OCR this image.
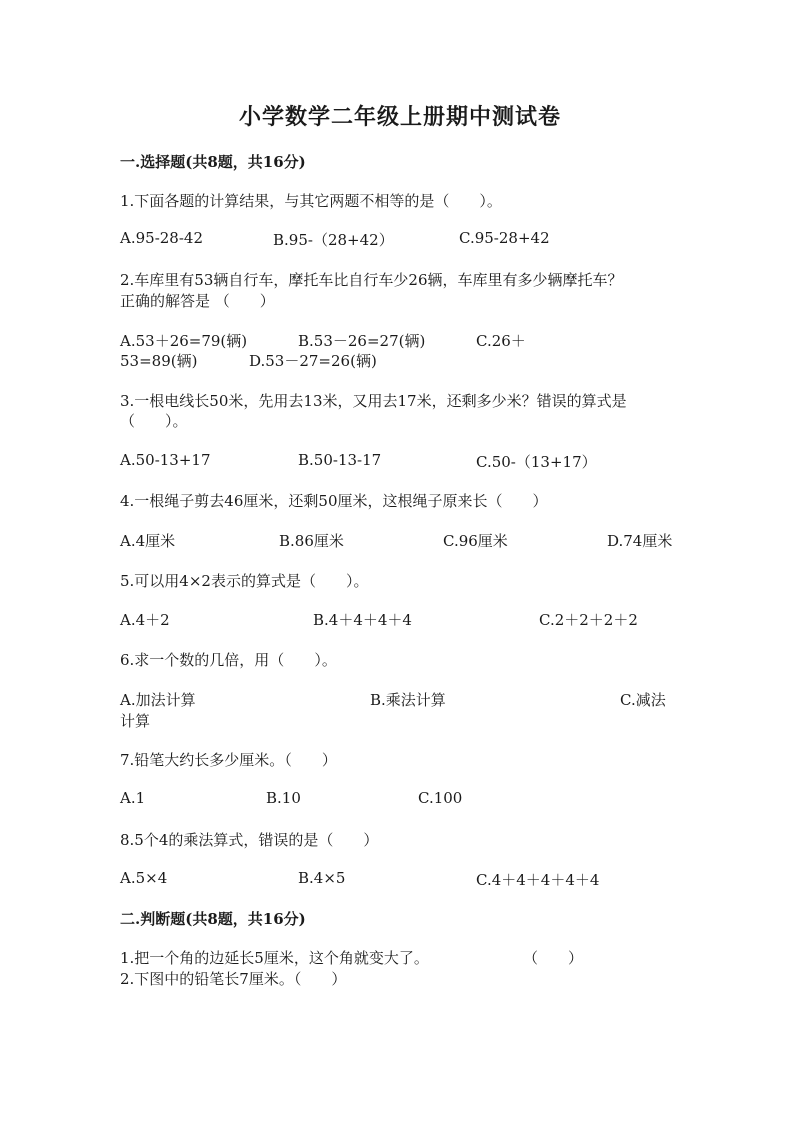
小学数学二年级上册期中测试卷
一.选择题(共8题，共16分)
1.下面各题的计算结果，与其它两题不相等的是（　　）。
A.95-28-42	B.95-（28+42）	C.95-28+42
2.车库里有53辆自行车，摩托车比自行车少26辆，车库里有多少辆摩托车？
正确的解答是 （　　）
A.53＋26=79(辆)	B.53－26=27(辆)	C.26＋
53=89(辆)	D.53－27=26(辆)
3.一根电线长50米，先用去13米，又用去17米，还剩多少米？错误的算式是
（　　）。
A.50-13+17	B.50-13-17	C.50-（13+17）
4.一根绳子剪去46厘米，还剩50厘米，这根绳子原来长（　　）
A.4厘米	B.86厘米	C.96厘米	D.74厘米
5.可以用4×2表示的算式是（　　）。
A.4＋2	B.4＋4＋4＋4	C.2＋2＋2＋2
6.求一个数的几倍，用（　　）。
A.加法计算	B.乘法计算	C.减法
计算
7.铅笔大约长多少厘米。（　　）
A.1	B.10	C.100
8.5个4的乘法算式，错误的是（　　）
A.5×4	B.4×5	C.4＋4＋4＋4＋4
二.判断题(共8题，共16分)
1.把一个角的边延长5厘米，这个角就变大了。	（　　）
2.下图中的铅笔长7厘米。（　　）
